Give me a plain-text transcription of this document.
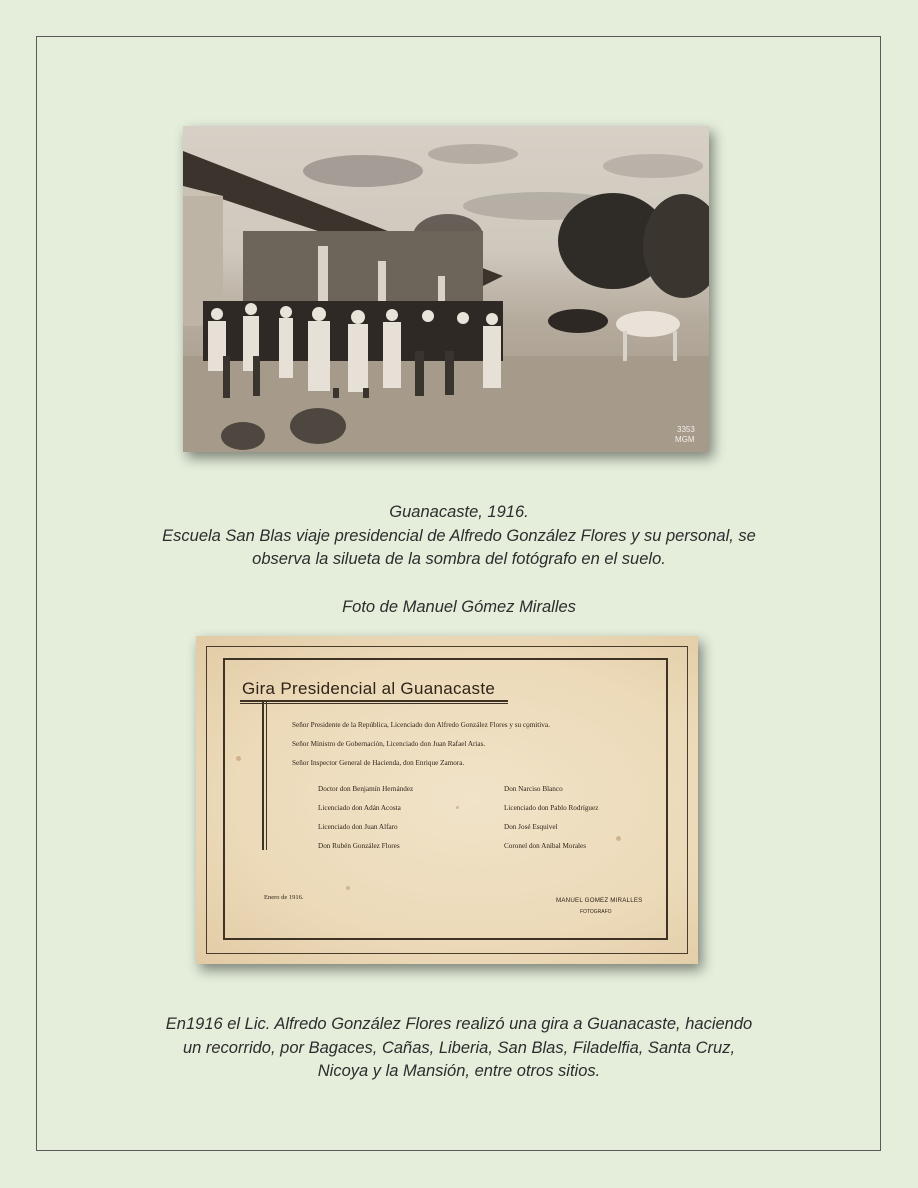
3353
MGM
Guanacaste, 1916.
Escuela San Blas viaje presidencial de Alfredo González Flores y su personal, se
observa la silueta de la sombra del fotógrafo en el suelo.
Foto de Manuel Gómez Miralles
Gira Presidencial al Guanacaste
Señor Presidente de la República, Licenciado don Alfredo González Flores y su comitiva.
Señor Ministro de Gobernación, Licenciado don Juan Rafael Arias.
Señor Inspector General de Hacienda, don Enrique Zamora.
Doctor don Benjamín Hernández
Licenciado don Adán Acosta
Licenciado don Juan Alfaro
Don Rubén González Flores
Don Narciso Blanco
Licenciado don Pablo Rodríguez
Don José Esquivel
Coronel don Aníbal Morales
Enero de 1916.	MANUEL GOMEZ MIRALLES
FOTOGRAFO
En1916 el Lic. Alfredo González Flores realizó una gira a Guanacaste, haciendo
un recorrido, por Bagaces, Cañas, Liberia, San Blas, Filadelfia, Santa Cruz,
Nicoya y la Mansión, entre otros sitios.
